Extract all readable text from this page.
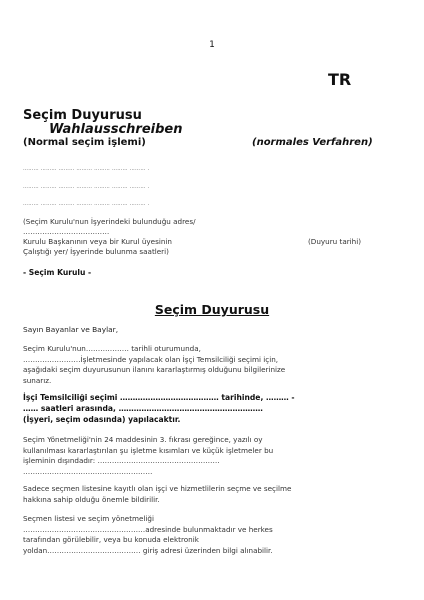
1
TR
Seçim Duyurusu
Wahlausschreiben
(Normal seçim işlemi)	(normales Verfahren)
……… ……… ……… ……… ……… ……… ……… .
……… ……… ……… ……… ……… ……… ……… .
……… ……… ……… ……… ……… ……… ……… .
(Seçim Kurulu'nun İşyerindeki bulunduğu adres/
………………………………
Kurulu Başkanının veya bir Kurul üyesinin	(Duyuru tarihi)
Çalıştığı yer/ İşyerinde bulunma saatleri)
- Seçim Kurulu -
Seçim Duyurusu
Sayın Bayanlar ve Baylar,
Seçim Kurulu'nun……………… tarihli oturumunda,
……………………İşletmesinde yapılacak olan İşçi Temsilciliği seçimi için,
aşağıdaki seçim duyurusunun ilanını kararlaştırmış olduğunu bilgilerinize
sunarız.
İşçi Temsilciliği seçimi ………………………………… tarihinde, ……… -
…… saatleri arasında, …………………………………………………
(İşyeri, seçim odasında) yapılacaktır.
Seçim Yönetmeliği'nin 24 maddesinin 3. fıkrası gereğince, yazılı oy
kullanılması kararlaştırılan şu işletme kısımları ve küçük işletmeler bu
işleminin dışındadır: ……………………………………………
………………………………………………
Sadece seçmen listesine kayıtlı olan işçi ve hizmetlilerin seçme ve seçilme
hakkına sahip olduğu önemle bildirilir.
Seçmen listesi ve seçim yönetmeliği
……………………………………………adresinde bulunmaktadır ve herkes
tarafından görülebilir, veya bu konuda elektronik
yoldan………………………………… giriş adresi üzerinden bilgi alınabilir.
